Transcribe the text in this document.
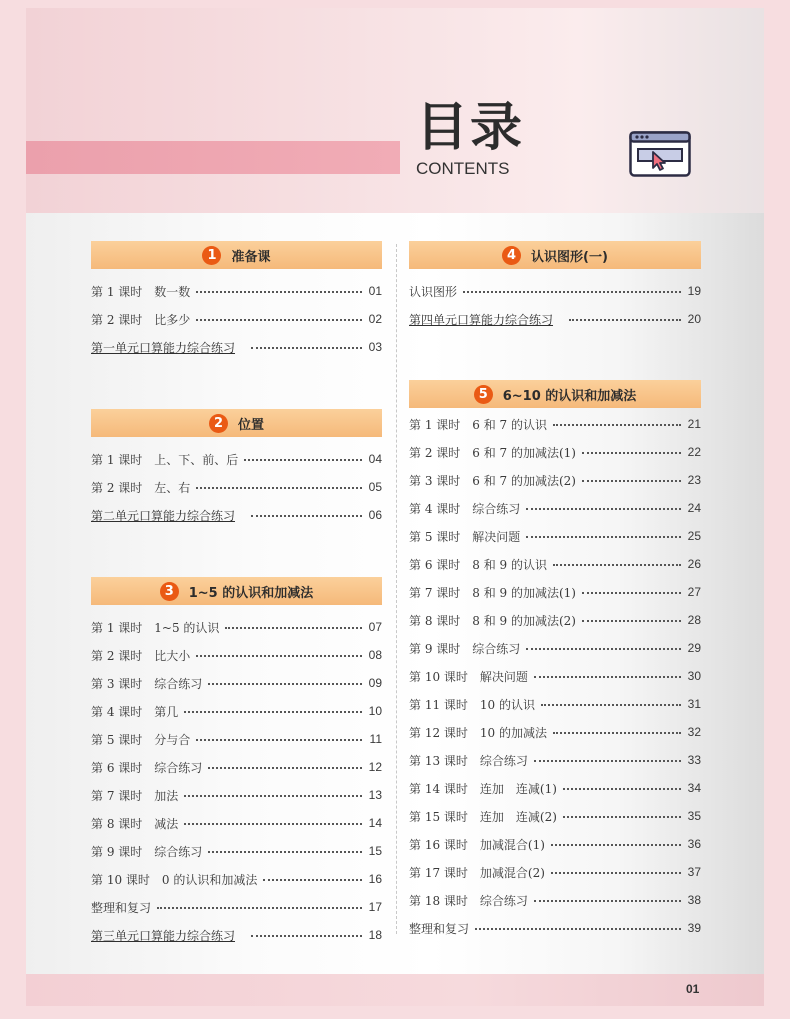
目录
CONTENTS
1	准备课
第 1 课时 数一数	01
第 2 课时 比多少	02
第一单元口算能力综合练习	03
2	位置
第 1 课时 上、下、前、后	04
第 2 课时 左、右	05
第二单元口算能力综合练习	06
3	1~5 的认识和加减法
第 1 课时 1~5 的认识	07
第 2 课时 比大小	08
第 3 课时 综合练习	09
第 4 课时 第几	10
第 5 课时 分与合	11
第 6 课时 综合练习	12
第 7 课时 加法	13
第 8 课时 减法	14
第 9 课时 综合练习	15
第 10 课时 0 的认识和加减法	16
整理和复习	17
第三单元口算能力综合练习	18
4	认识图形(一)
认识图形	19
第四单元口算能力综合练习	20
5	6~10 的认识和加减法
第 1 课时 6 和 7 的认识	21
第 2 课时 6 和 7 的加减法(1)	22
第 3 课时 6 和 7 的加减法(2)	23
第 4 课时 综合练习	24
第 5 课时 解决问题	25
第 6 课时 8 和 9 的认识	26
第 7 课时 8 和 9 的加减法(1)	27
第 8 课时 8 和 9 的加减法(2)	28
第 9 课时 综合练习	29
第 10 课时 解决问题	30
第 11 课时 10 的认识	31
第 12 课时 10 的加减法	32
第 13 课时 综合练习	33
第 14 课时 连加　连减(1)	34
第 15 课时 连加　连减(2)	35
第 16 课时 加减混合(1)	36
第 17 课时 加减混合(2)	37
第 18 课时 综合练习	38
整理和复习	39
01
